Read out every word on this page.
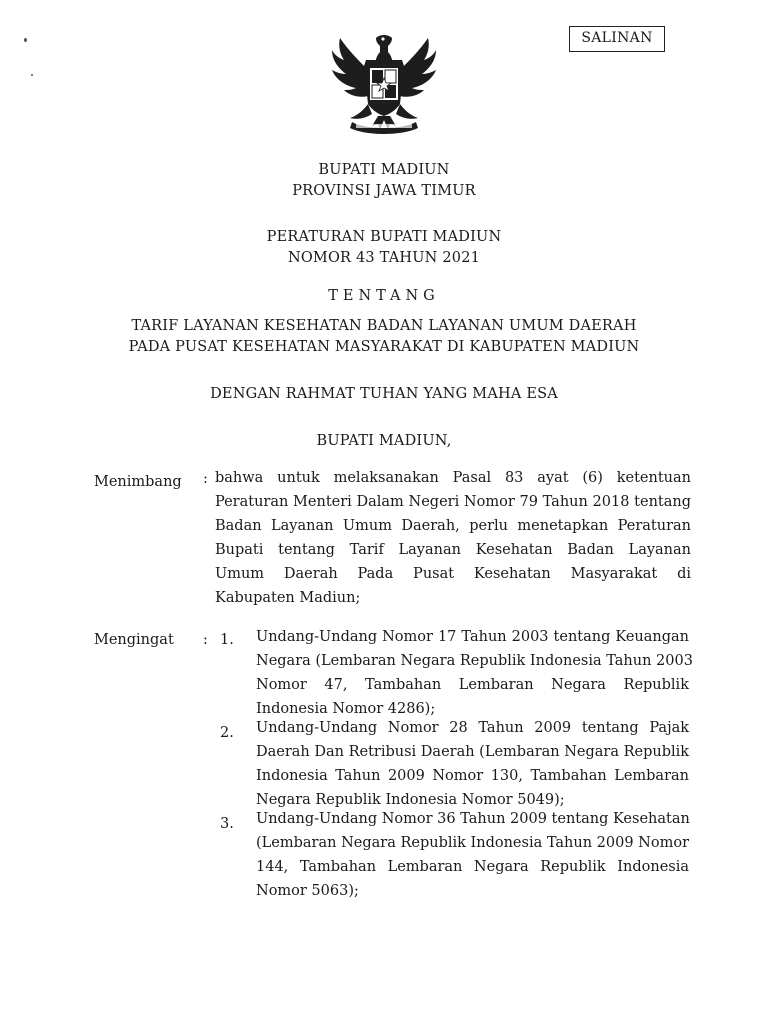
SALINAN
BUPATI MADIUN
PROVINSI JAWA TIMUR
PERATURAN BUPATI MADIUN
NOMOR 43 TAHUN 2021
TENTANG
TARIF LAYANAN KESEHATAN BADAN LAYANAN UMUM DAERAH
PADA PUSAT KESEHATAN MASYARAKAT DI KABUPATEN MADIUN
DENGAN RAHMAT TUHAN YANG MAHA ESA
BUPATI MADIUN,
Menimbang : bahwa untuk melaksanakan Pasal 83 ayat (6) ketentuan
Peraturan Menteri Dalam Negeri Nomor 79 Tahun 2018 tentang
Badan Layanan Umum Daerah, perlu menetapkan Peraturan
Bupati tentang Tarif Layanan Kesehatan Badan Layanan
Umum Daerah Pada Pusat Kesehatan Masyarakat di
Kabupaten Madiun;
Mengingat : 1. Undang-Undang Nomor 17 Tahun 2003 tentang Keuangan
Negara (Lembaran Negara Republik Indonesia Tahun 2003
Nomor 47, Tambahan Lembaran Negara Republik
Indonesia Nomor 4286);
2. Undang-Undang Nomor 28 Tahun 2009 tentang Pajak
Daerah Dan Retribusi Daerah (Lembaran Negara Republik
Indonesia Tahun 2009 Nomor 130, Tambahan Lembaran
Negara Republik Indonesia Nomor 5049);
3. Undang-Undang Nomor 36 Tahun 2009 tentang Kesehatan
(Lembaran Negara Republik Indonesia Tahun 2009 Nomor
144, Tambahan Lembaran Negara Republik Indonesia
Nomor 5063);
